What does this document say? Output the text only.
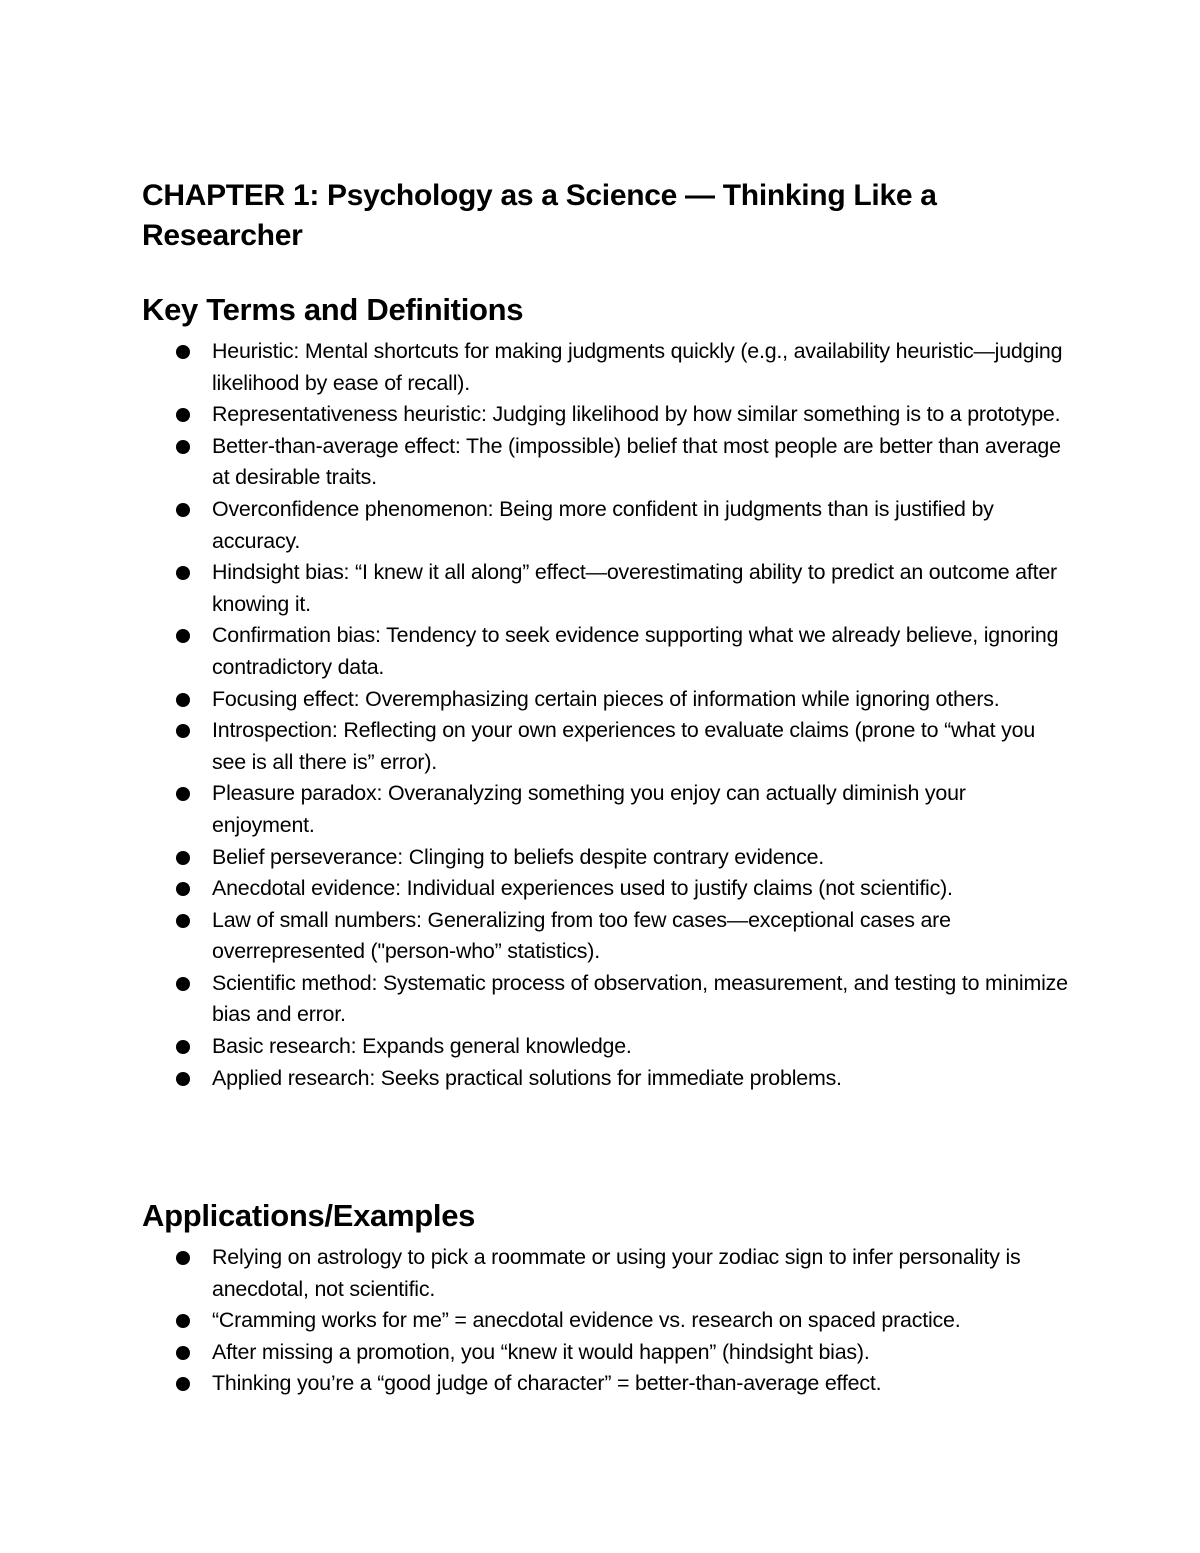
CHAPTER 1: Psychology as a Science — Thinking Like a Researcher
Key Terms and Definitions
Heuristic: Mental shortcuts for making judgments quickly (e.g., availability heuristic—judging likelihood by ease of recall).
Representativeness heuristic: Judging likelihood by how similar something is to a prototype.
Better-than-average effect: The (impossible) belief that most people are better than average at desirable traits.
Overconfidence phenomenon: Being more confident in judgments than is justified by accuracy.
Hindsight bias: “I knew it all along” effect—overestimating ability to predict an outcome after knowing it.
Confirmation bias: Tendency to seek evidence supporting what we already believe, ignoring contradictory data.
Focusing effect: Overemphasizing certain pieces of information while ignoring others.
Introspection: Reflecting on your own experiences to evaluate claims (prone to “what you see is all there is” error).
Pleasure paradox: Overanalyzing something you enjoy can actually diminish your enjoyment.
Belief perseverance: Clinging to beliefs despite contrary evidence.
Anecdotal evidence: Individual experiences used to justify claims (not scientific).
Law of small numbers: Generalizing from too few cases—exceptional cases are overrepresented ("person-who” statistics).
Scientific method: Systematic process of observation, measurement, and testing to minimize bias and error.
Basic research: Expands general knowledge.
Applied research: Seeks practical solutions for immediate problems.
Applications/Examples
Relying on astrology to pick a roommate or using your zodiac sign to infer personality is anecdotal, not scientific.
“Cramming works for me” = anecdotal evidence vs. research on spaced practice.
After missing a promotion, you “knew it would happen” (hindsight bias).
Thinking you’re a “good judge of character” = better-than-average effect.
